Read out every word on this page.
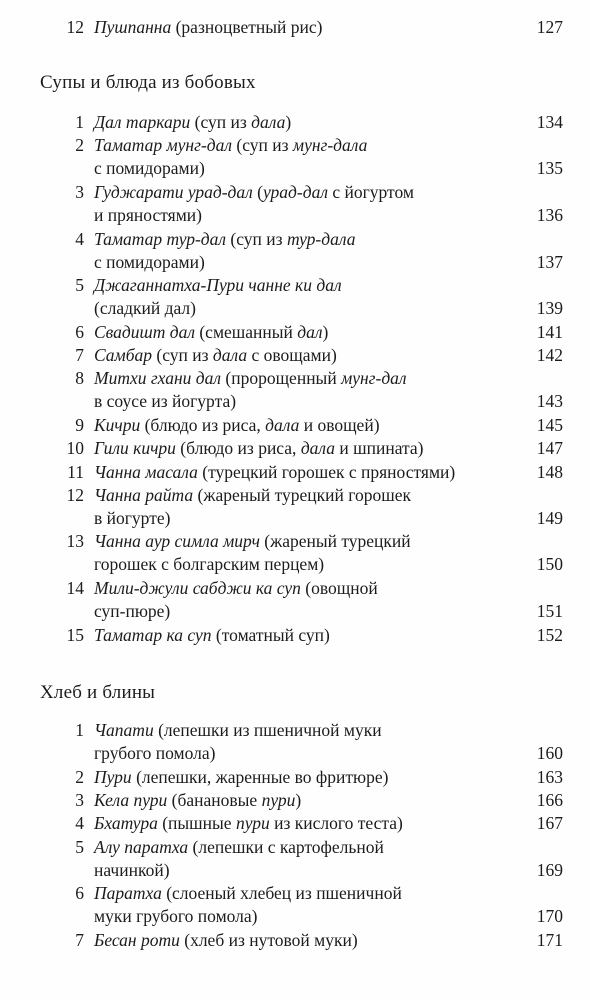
12 Пушпанна (разноцветный рис)	127
Супы и блюда из бобовых
1 Дал таркари (суп из дала)	134
2 Таматар мунг-дал (суп из мунг-дала
с помидорами)	135
3 Гуджарати урад-дал (урад-дал с йогуртом
и пряностями)	136
4 Таматар тур-дал (суп из тур-дала
с помидорами)	137
5 Джаганнатха-Пури чанне ки дал
(сладкий дал)	139
6 Свадишт дал (смешанный дал)	141
7 Самбар (суп из дала с овощами)	142
8 Митхи гхани дал (пророщенный мунг-дал
в соусе из йогурта)	143
9 Кичри (блюдо из риса, дала и овощей)	145
10 Гили кичри (блюдо из риса, дала и шпината)	147
11 Чанна масала (турецкий горошек с пряностями)	148
12 Чанна райта (жареный турецкий горошек
в йогурте)	149
13 Чанна аур симла мирч (жареный турецкий
горошек с болгарским перцем)	150
14 Мили-джули сабджи ка суп (овощной
суп-пюре)	151
15 Таматар ка суп (томатный суп)	152
Хлеб и блины
1 Чапати (лепешки из пшеничной муки
грубого помола)	160
2 Пури (лепешки, жаренные во фритюре)	163
3 Кела пури (банановые пури)	166
4 Бхатура (пышные пури из кислого теста)	167
5 Алу паратха (лепешки с картофельной
начинкой)	169
6 Паратха (слоеный хлебец из пшеничной
муки грубого помола)	170
7 Бесан роти (хлеб из нутовой муки)	171
